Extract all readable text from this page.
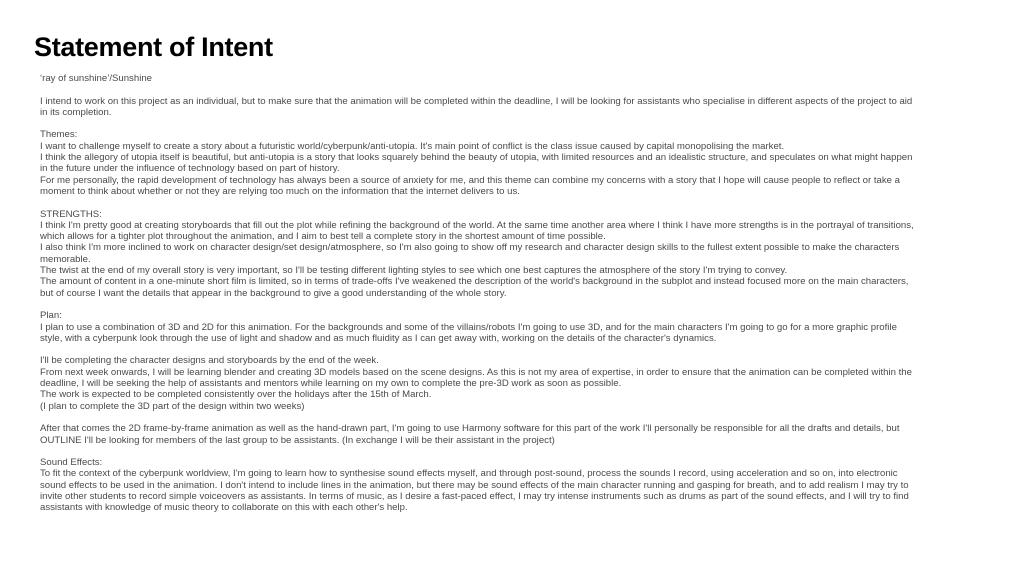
Statement of Intent

‘ray of sunshine’/Sunshine

I intend to work on this project as an individual, but to make sure that the animation will be completed within the deadline, I will be looking for assistants who specialise in different aspects of the project to aid in its completion.

Themes:

I want to challenge myself to create a story about a futuristic world/cyberpunk/anti-utopia. It's main point of conflict is the class issue caused by capital monopolising the market.

I think the allegory of utopia itself is beautiful, but anti-utopia is a story that looks squarely behind the beauty of utopia, with limited resources and an idealistic structure, and speculates on what might happen in the future under the influence of technology based on part of history.

For me personally, the rapid development of technology has always been a source of anxiety for me, and this theme can combine my concerns with a story that I hope will cause people to reflect or take a moment to think about whether or not they are relying too much on the information that the internet delivers to us.

STRENGTHS:

I think I'm pretty good at creating storyboards that fill out the plot while refining the background of the world. At the same time another area where I think I have more strengths is in the portrayal of transitions, which allows for a tighter plot throughout the animation, and I aim to best tell a complete story in the shortest amount of time possible.

I also think I'm more inclined to work on character design/set design/atmosphere, so I'm also going to show off my research and character design skills to the fullest extent possible to make the characters memorable.

The twist at the end of my overall story is very important, so I'll be testing different lighting styles to see which one best captures the atmosphere of the story I'm trying to convey.

The amount of content in a one-minute short film is limited, so in terms of trade-offs I've weakened the description of the world's background in the subplot and instead focused more on the main characters, but of course I want the details that appear in the background to give a good understanding of the whole story.

Plan:

I plan to use a combination of 3D and 2D for this animation. For the backgrounds and some of the villains/robots I'm going to use 3D, and for the main characters I'm going to go for a more graphic profile style, with a cyberpunk look through the use of light and shadow and as much fluidity as I can get away with, working on the details of the character's dynamics.

I'll be completing the character designs and storyboards by the end of the week.

From next week onwards, I will be learning blender and creating 3D models based on the scene designs. As this is not my area of expertise, in order to ensure that the animation can be completed within the deadline, I will be seeking the help of assistants and mentors while learning on my own to complete the pre-3D work as soon as possible.

The work is expected to be completed consistently over the holidays after the 15th of March.

(I plan to complete the 3D part of the design within two weeks)

After that comes the 2D frame-by-frame animation as well as the hand-drawn part, I'm going to use Harmony software for this part of the work I'll personally be responsible for all the drafts and details, but OUTLINE I'll be looking for members of the last group to be assistants. (In exchange I will be their assistant in the project)

Sound Effects:

To fit the context of the cyberpunk worldview, I'm going to learn how to synthesise sound effects myself, and through post-sound, process the sounds I record, using acceleration and so on, into electronic sound effects to be used in the animation. I don't intend to include lines in the animation, but there may be sound effects of the main character running and gasping for breath, and to add realism I may try to invite other students to record simple voiceovers as assistants. In terms of music, as I desire a fast-paced effect, I may try intense instruments such as drums as part of the sound effects, and I will try to find assistants with knowledge of music theory to collaborate on this with each other's help.
